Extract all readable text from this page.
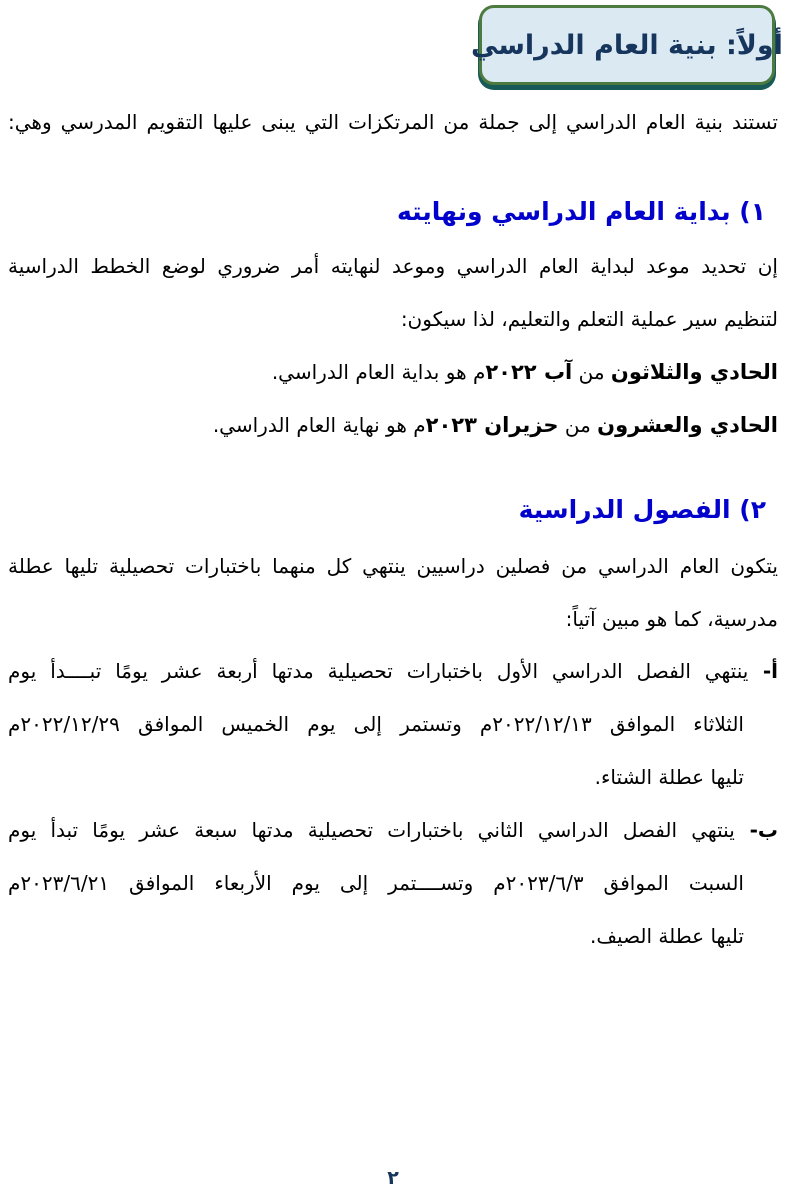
أولاً: بنية العام الدراسي
تستند بنية العام الدراسي إلى جملة من المرتكزات التي يبنى عليها التقويم المدرسي وهي:
١) بداية العام الدراسي ونهايته
إن تحديد موعد لبداية العام الدراسي وموعد لنهايته أمر ضروري لوضع الخطط الدراسية
لتنظيم سير عملية التعلم والتعليم، لذا سيكون:
الحادي والثلاثون من آب ٢٠٢٢م هو بداية العام الدراسي.
الحادي والعشرون من حزيران ٢٠٢٣م هو نهاية العام الدراسي.
٢) الفصول الدراسية
يتكون العام الدراسي من فصلين دراسيين ينتهي كل منهما باختبارات تحصيلية تليها عطلة
مدرسية، كما هو مبين آتياً:
أ- ينتهي الفصل الدراسي الأول باختبارات تحصيلية مدتها أربعة عشر يومًا تبــــدأ يوم
الثلاثاء الموافق ٢٠٢٢/١٢/١٣م وتستمر إلى يوم الخميس الموافق ٢٠٢٢/١٢/٢٩م
تليها عطلة الشتاء.
ب- ينتهي الفصل الدراسي الثاني باختبارات تحصيلية مدتها سبعة عشر يومًا تبدأ يوم
السبت الموافق ٢٠٢٣/٦/٣م وتســــتمر إلى يوم الأربعاء الموافق ٢٠٢٣/٦/٢١م
تليها عطلة الصيف.
٢
